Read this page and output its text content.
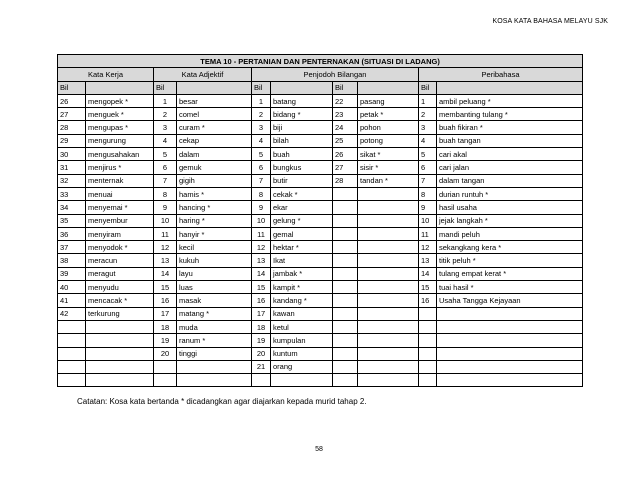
KOSA KATA BAHASA MELAYU SJK
TEMA 10 - PERTANIAN DAN PENTERNAKAN (SITUASI DI LADANG)									
Kata Kerja		Kata Adjektif		Penjodoh Bilangan				Peribahasa	
Bil		Bil		Bil		Bil		Bil	
26	mengopek *	1	besar	1	batang	22	pasang	1	ambil peluang *
27	menguek *	2	comel	2	bidang *	23	petak *	2	membanting tulang *
28	mengupas *	3	curam *	3	biji	24	pohon	3	buah fikiran *
29	mengurung	4	cekap	4	bilah	25	potong	4	buah tangan
30	mengusahakan	5	dalam	5	buah	26	sikat *	5	cari akal
31	menjirus *	6	gemuk	6	bungkus	27	sisir *	6	cari jalan
32	menternak	7	gigih	7	butir	28	tandan *	7	dalam tangan
33	menuai	8	hamis *	8	cekak *			8	durian runtuh *
34	menyemai *	9	hancing *	9	ekar			9	hasil usaha
35	menyembur	10	haring *	10	gelung *			10	jejak langkah *
36	menyiram	11	hanyir *	11	gemal			11	mandi peluh
37	menyodok *	12	kecil	12	hektar *			12	sekangkang kera *
38	meracun	13	kukuh	13	Ikat			13	titik peluh *
39	meragut	14	layu	14	jambak *			14	tulang empat kerat *
40	menyudu	15	luas	15	kampit *			15	tuai hasil *
41	mencacak *	16	masak	16	kandang *			16	Usaha Tangga Kejayaan
42	terkurung	17	matang *	17	kawan				
		18	muda	18	ketul				
		19	ranum *	19	kumpulan				
		20	tinggi	20	kuntum				
				21	orang				

Catatan: Kosa kata bertanda * dicadangkan agar diajarkan kepada murid tahap 2.
58
